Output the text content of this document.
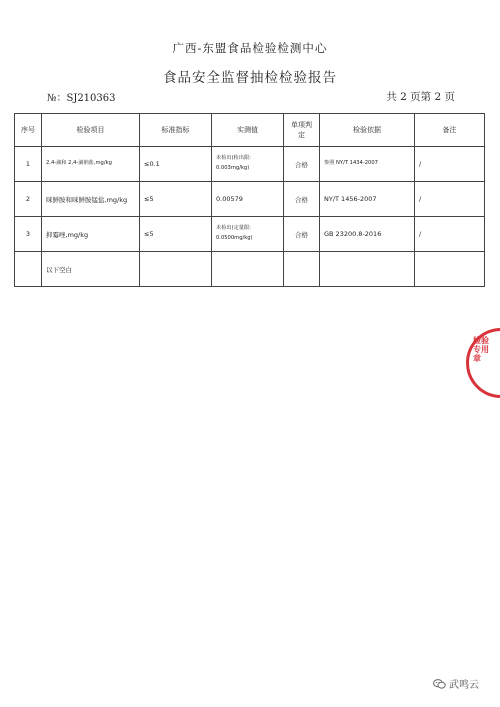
广西-东盟食品检验检测中心
食品安全监督抽检检验报告
№：SJ210363	共 2 页第 2 页
序号	检验项目	标准指标	实测值	单项判定	检验依据	备注
1	2,4-滴和 2,4-滴钠盐,mg/kg	≤0.1	未检出(检出限: 0.003mg/kg)	合格	参照 NY/T 1434-2007	/
2	咪鲜胺和咪鲜胺锰盐,mg/kg	≤5	0.00579	合格	NY/T 1456-2007	/
3	抑霉唑,mg/kg	≤5	未检出(定量限: 0.0500mg/kg)	合格	GB 23200.8-2016	/
	以下空白					
检验专用章
武鸣云
